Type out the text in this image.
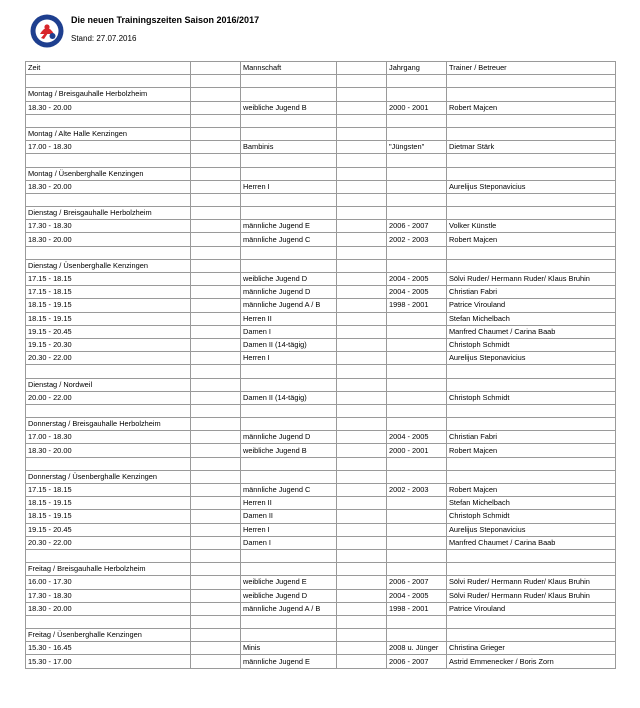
Die neuen Trainingszeiten Saison 2016/2017
Stand: 27.07.2016
Zeit		Mannschaft		Jahrgang	Trainer / Betreuer

Montag / Breisgauhalle Herbolzheim					
18.30 - 20.00		weibliche Jugend B		2000 - 2001	Robert Majcen

Montag / Alte Halle Kenzingen					
17.00 - 18.30		Bambinis		"Jüngsten"	Dietmar Stärk

Montag / Üsenberghalle Kenzingen					
18.30 - 20.00		Herren I			Aurelijus Steponavicius

Dienstag / Breisgauhalle Herbolzheim					
17.30 - 18.30		männliche Jugend E		2006 - 2007	Volker Künstle
18.30 - 20.00		männliche Jugend C		2002 - 2003	Robert Majcen

Dienstag / Üsenberghalle Kenzingen					
17.15 - 18.15		weibliche Jugend D		2004 - 2005	Sölvi Ruder/ Hermann Ruder/ Klaus Bruhin
17.15 - 18.15		männliche Jugend D		2004 - 2005	Christian Fabri
18.15 - 19.15		männliche Jugend A / B		1998 - 2001	Patrice Virouland
18.15 - 19.15		Herren II			Stefan Michelbach
19.15 - 20.45		Damen I			Manfred Chaumet / Carina Baab
19.15 - 20.30		Damen II (14-tägig)			Christoph Schmidt
20.30 - 22.00		Herren I			Aurelijus Steponavicius

Dienstag / Nordweil					
20.00 - 22.00		Damen II (14-tägig)			Christoph Schmidt

Donnerstag / Breisgauhalle Herbolzheim					
17.00 - 18.30		männliche Jugend D		2004 - 2005	Christian Fabri
18.30 - 20.00		weibliche Jugend B		2000 - 2001	Robert Majcen

Donnerstag / Üsenberghalle Kenzingen					
17.15 - 18.15		männliche Jugend C		2002 - 2003	Robert Majcen
18.15 - 19.15		Herren II			Stefan Michelbach
18.15 - 19.15		Damen II			Christoph Schmidt
19.15 - 20.45		Herren I			Aurelijus Steponavicius
20.30 - 22.00		Damen I			Manfred Chaumet / Carina Baab

Freitag / Breisgauhalle Herbolzheim					
16.00 - 17.30		weibliche Jugend E		2006 - 2007	Sölvi Ruder/ Hermann Ruder/ Klaus Bruhin
17.30 - 18.30		weibliche Jugend D		2004 - 2005	Sölvi Ruder/ Hermann Ruder/ Klaus Bruhin
18.30 - 20.00		männliche Jugend A / B		1998 - 2001	Patrice Virouland

Freitag / Üsenberghalle Kenzingen					
15.30 - 16.45		Minis		2008 u. Jünger	Christina Grieger
15.30 - 17.00		männliche Jugend E		2006 - 2007	Astrid Emmenecker / Boris Zorn
